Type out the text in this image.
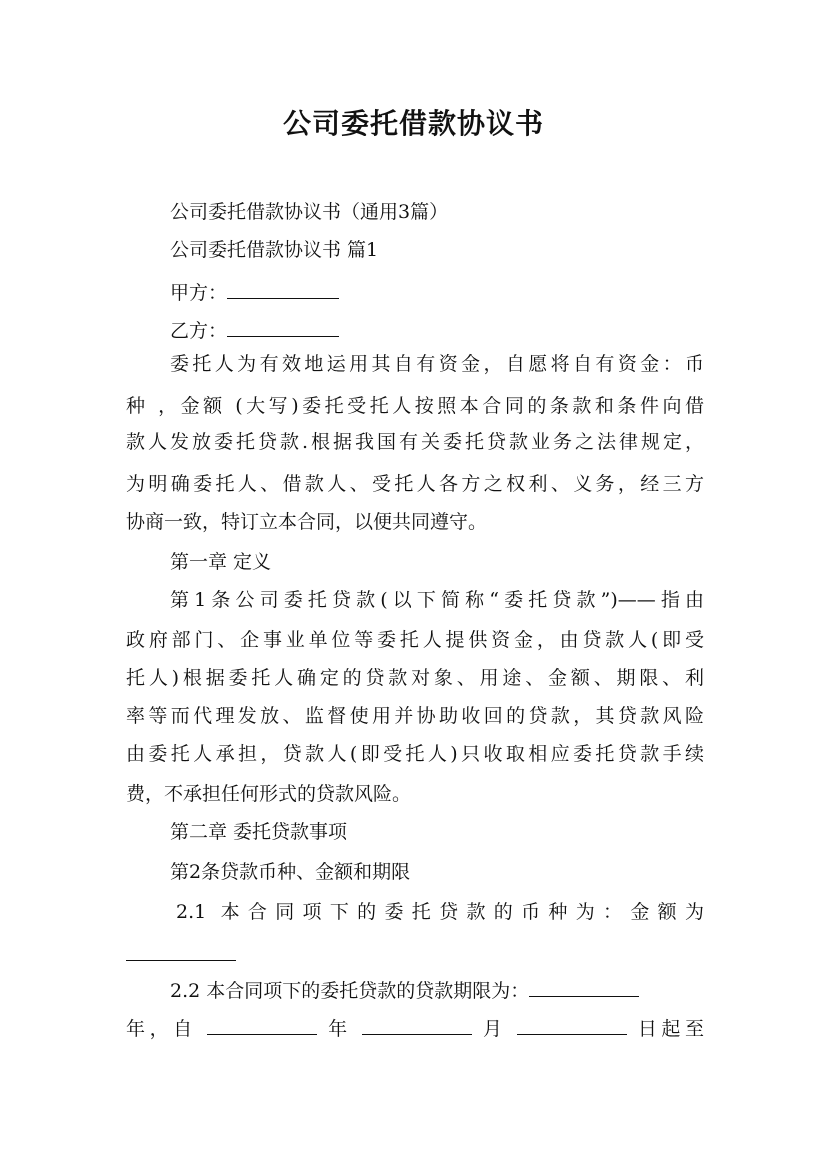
公司委托借款协议书
公司委托借款协议书（通用3篇）
公司委托借款协议书 篇1
甲方：
乙方：
委托人为有效地运用其自有资金，自愿将自有资金：币
种 ，金额 (大写)委托受托人按照本合同的条款和条件向借
款人发放委托贷款.根据我国有关委托贷款业务之法律规定，
为明确委托人、借款人、受托人各方之权利、义务，经三方
协商一致，特订立本合同，以便共同遵守。
第一章 定义
第1条公司委托贷款(以下简称“委托贷款”)——指由
政府部门、企事业单位等委托人提供资金，由贷款人(即受
托人)根据委托人确定的贷款对象、用途、金额、期限、利
率等而代理发放、监督使用并协助收回的贷款，其贷款风险
由委托人承担，贷款人(即受托人)只收取相应委托贷款手续
费，不承担任何形式的贷款风险。
第二章 委托贷款事项
第2条贷款币种、金额和期限
2.1 本合同项下的委托贷款的币种为：金额为
2.2 本合同项下的委托贷款的贷款期限为：
年，自	年	月	日起至
